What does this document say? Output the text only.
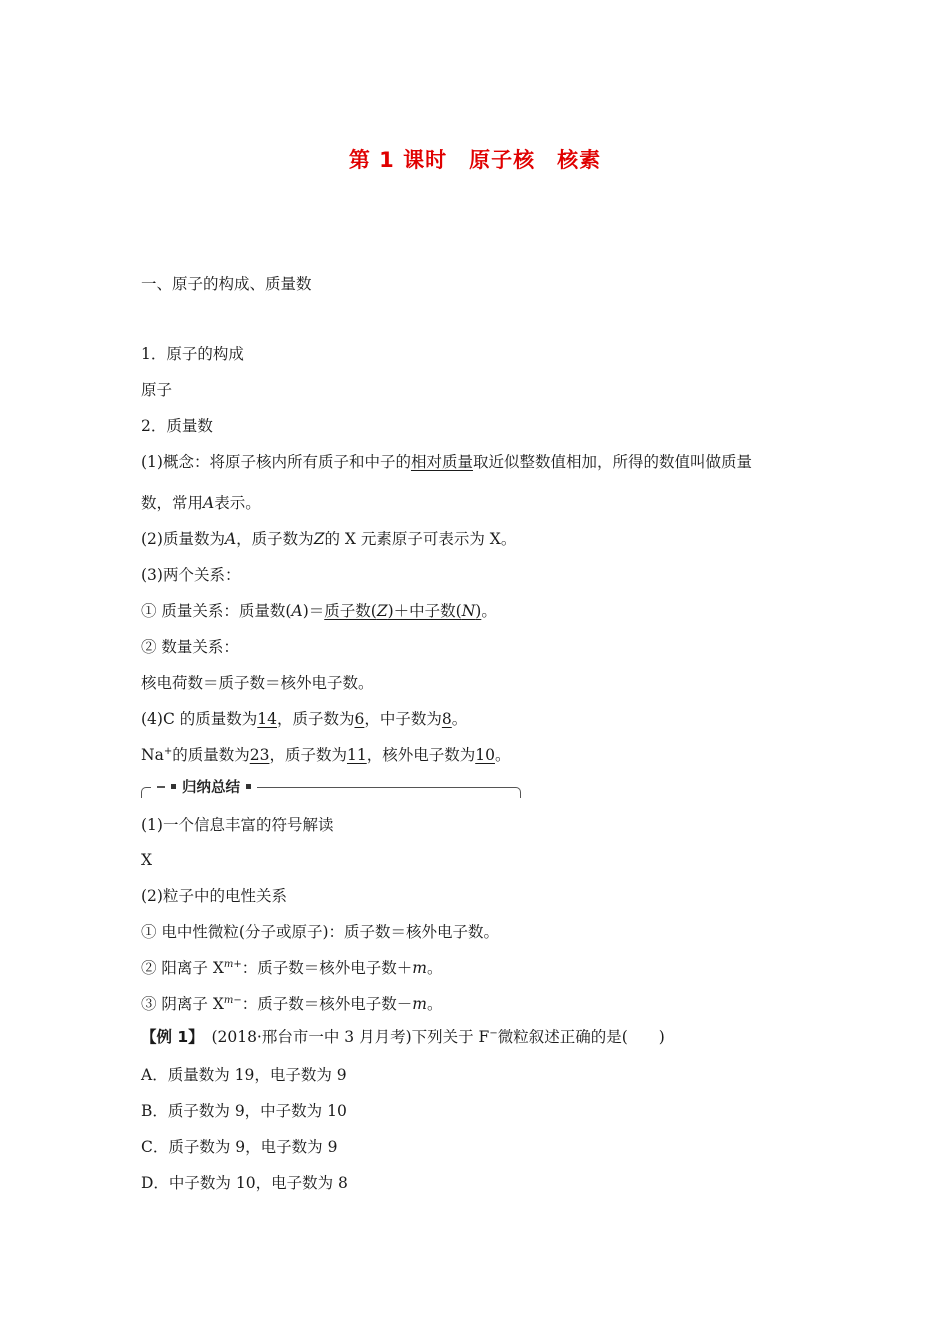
第 1 课时　原子核　核素
一、原子的构成、质量数
1．原子的构成
原子
2．质量数
(1)概念：将原子核内所有质子和中子的相对质量取近似整数值相加，所得的数值叫做质量
数，常用A表示。
(2)质量数为A，质子数为Z的 X 元素原子可表示为 X。
(3)两个关系：
① 质量关系：质量数(A)＝质子数(Z)＋中子数(N)。
② 数量关系：
核电荷数＝质子数＝核外电子数。
(4)C 的质量数为14，质子数为6，中子数为8。
Na+的质量数为23，质子数为11，核外电子数为10。
归纳总结
(1)一个信息丰富的符号解读
X
(2)粒子中的电性关系
① 电中性微粒(分子或原子)：质子数＝核外电子数。
② 阳离子 $X^{m+}$：质子数＝核外电子数＋m。
③ 阴离子 $X^{m-}$：质子数＝核外电子数－m。
【例 1】　(2018·邢台市一中 3 月月考)下列关于 F−微粒叙述正确的是(　　)
A．质量数为 19，电子数为 9
B．质子数为 9，中子数为 10
C．质子数为 9，电子数为 9
D．中子数为 10，电子数为 8
